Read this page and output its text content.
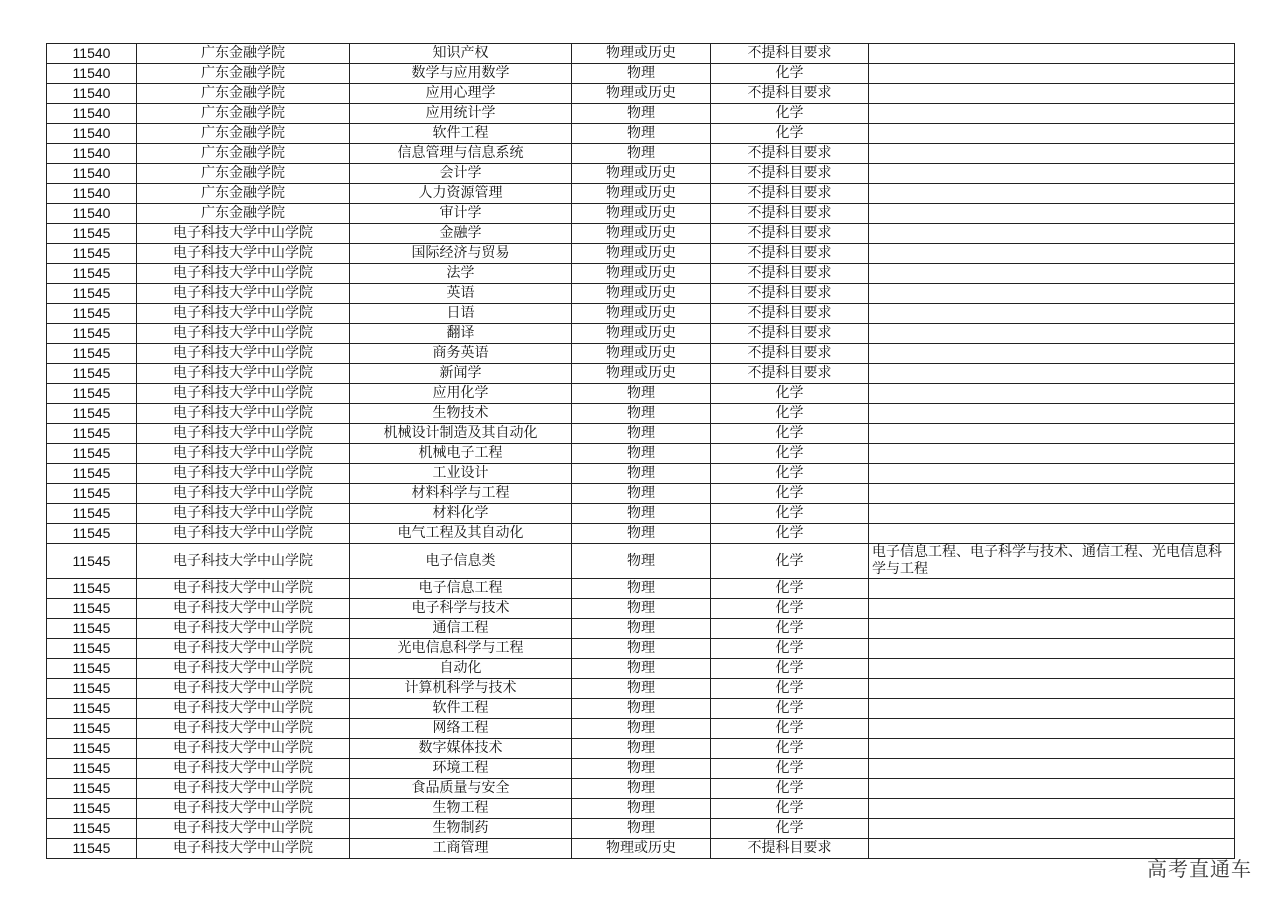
11540	广东金融学院	知识产权	物理或历史	不提科目要求	
11540	广东金融学院	数学与应用数学	物理	化学	
11540	广东金融学院	应用心理学	物理或历史	不提科目要求	
11540	广东金融学院	应用统计学	物理	化学	
11540	广东金融学院	软件工程	物理	化学	
11540	广东金融学院	信息管理与信息系统	物理	不提科目要求	
11540	广东金融学院	会计学	物理或历史	不提科目要求	
11540	广东金融学院	人力资源管理	物理或历史	不提科目要求	
11540	广东金融学院	审计学	物理或历史	不提科目要求	
11545	电子科技大学中山学院	金融学	物理或历史	不提科目要求	
11545	电子科技大学中山学院	国际经济与贸易	物理或历史	不提科目要求	
11545	电子科技大学中山学院	法学	物理或历史	不提科目要求	
11545	电子科技大学中山学院	英语	物理或历史	不提科目要求	
11545	电子科技大学中山学院	日语	物理或历史	不提科目要求	
11545	电子科技大学中山学院	翻译	物理或历史	不提科目要求	
11545	电子科技大学中山学院	商务英语	物理或历史	不提科目要求	
11545	电子科技大学中山学院	新闻学	物理或历史	不提科目要求	
11545	电子科技大学中山学院	应用化学	物理	化学	
11545	电子科技大学中山学院	生物技术	物理	化学	
11545	电子科技大学中山学院	机械设计制造及其自动化	物理	化学	
11545	电子科技大学中山学院	机械电子工程	物理	化学	
11545	电子科技大学中山学院	工业设计	物理	化学	
11545	电子科技大学中山学院	材料科学与工程	物理	化学	
11545	电子科技大学中山学院	材料化学	物理	化学	
11545	电子科技大学中山学院	电气工程及其自动化	物理	化学	
11545	电子科技大学中山学院	电子信息类	物理	化学	电子信息工程、电子科学与技术、通信工程、光电信息科学与工程
11545	电子科技大学中山学院	电子信息工程	物理	化学	
11545	电子科技大学中山学院	电子科学与技术	物理	化学	
11545	电子科技大学中山学院	通信工程	物理	化学	
11545	电子科技大学中山学院	光电信息科学与工程	物理	化学	
11545	电子科技大学中山学院	自动化	物理	化学	
11545	电子科技大学中山学院	计算机科学与技术	物理	化学	
11545	电子科技大学中山学院	软件工程	物理	化学	
11545	电子科技大学中山学院	网络工程	物理	化学	
11545	电子科技大学中山学院	数字媒体技术	物理	化学	
11545	电子科技大学中山学院	环境工程	物理	化学	
11545	电子科技大学中山学院	食品质量与安全	物理	化学	
11545	电子科技大学中山学院	生物工程	物理	化学	
11545	电子科技大学中山学院	生物制药	物理	化学	
11545	电子科技大学中山学院	工商管理	物理或历史	不提科目要求	
高考直通车
